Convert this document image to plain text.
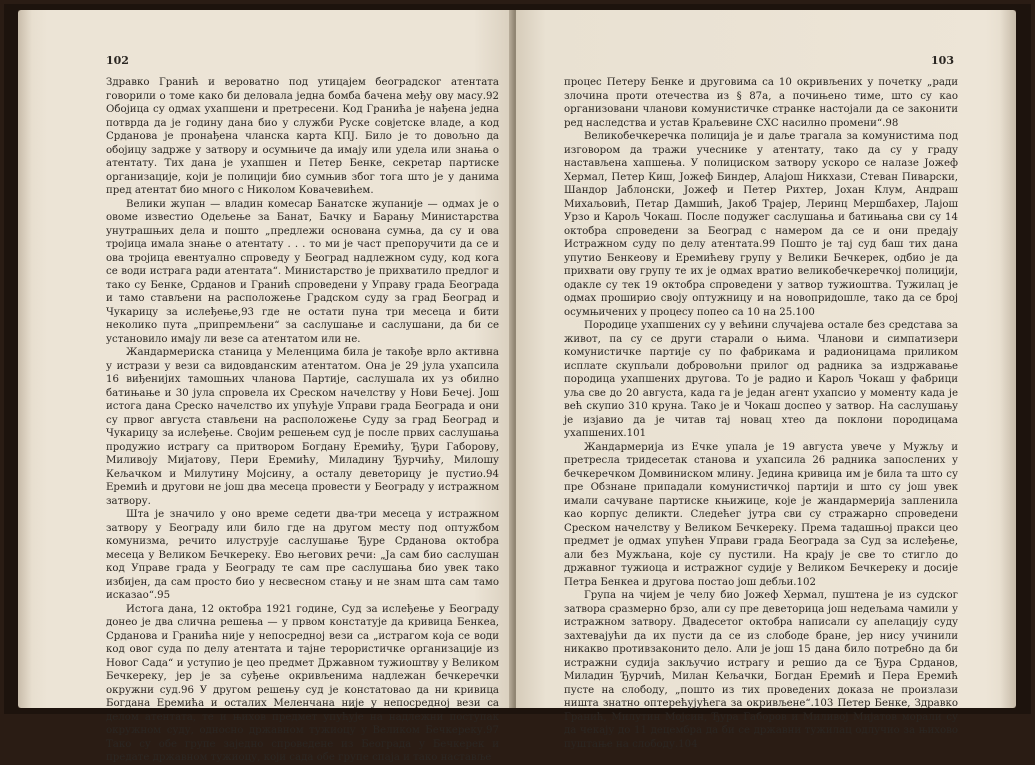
102

Здравко Гранић и вероватно под утицајем београдског атентата говорили о томе како би деловала једна бомба бачена међу ову масу.92 Обојица су одмах ухапшени и претресени. Код Гранића је нађена једна потврда да је годину дана био у служби Руске совјетске владе, а код Срданова је пронађена чланска карта КПЈ. Било је то довољно да обојицу задрже у затвору и осумњиче да имају или удела или знања о атентату. Тих дана је ухапшен и Петер Бенке, секретар партиске организације, који је полицији био сумњив због тога што је у данима пред атентат био много с Николом Ковачевићем.

Велики жупан — владин комесар Банатске жупаније — одмах је о овоме известио Одељење за Банат, Бачку и Барању Министарства унутрашњих дела и пошто „предлежи основана сумња, да су и ова тројица имала знање о атентату . . . то ми је част препоручити да се и ова тројица евентуално спроведу у Београд надлежном суду, код кога се води истрага ради атентата“. Министарство је прихватило предлог и тако су Бенке, Срданов и Гранић спроведени у Управу града Београда и тамо стављени на расположење Градском суду за град Београд и Чукарицу за ислеђење,93 где не остати пуна три месеца и бити неколико пута „припремљени“ за саслушање и саслушани, да би се установило имају ли везе са атентатом или не.

Жандармериска станица у Меленцима била је такође врло активна у истрази у вези са видовданским атентатом. Она је 29 јула ухапсила 16 виђенијих тамошњих чланова Партије, саслушала их уз обилно батињање и 30 јула спровела их Среском начелству у Нови Бечеј. Још истога дана Среско начелство их упућује Управи града Београда и они су првог августа стављени на расположење Суду за град Београд и Чукарицу за ислеђење. Својим решењем суд је после првих саслушања продужио истрагу са притвором Богдану Еремићу, Ђури Габорову, Миливоју Мијатову, Пери Еремићу, Миладину Ђурчићу, Милошу Кељачком и Милутину Мојсину, а осталу деветорицу је пустио.94 Еремић и другови не још два месеца провести у Београду у истражном затвору.

Шта је значило у оно време седети два-три месеца у истражном затвору у Београду или било где на другом месту под оптужбом комунизма, речито илуструје саслушање Ђуре Срданова октобра месеца у Великом Бечкереку. Ево његових речи: „Ја сам био саслушан код Управе града у Београду те сам пре саслушања био увек тако избијен, да сам просто био у несвесном стању и не знам шта сам тамо исказао“.95

Истога дана, 12 октобра 1921 године, Суд за ислеђење у Београду донео је два слична решења — у првом констатује да кривица Бенкеа, Срданова и Гранића није у непосредној вези са „истрагом која се води код овог суда по делу атентата и тајне терористичке организације из Новог Сада“ и уступио је цео предмет Државном тужиоштву у Великом Бечкереку, јер је за суђење окривљенима надлежан бечкеречки окружни суд.96 У другом решењу суд је констатовао да ни кривица Богдана Еремића и осталих Меленчана није у непосредној вези са делом атентата, те и њихов предмет упућује на надлежни поступак окружном суду, односно државном тужиоцу у Великом Бечкереку.97 Тако су обе групе заједно спроведене из Београда у Бечкерек и предате државном тужиоцу, који сада обе групе спаја и тако наставље

103

процес Петеру Бенке и друговима са 10 окривљених у почетку „ради злочина проти отечества из § 87а, а почињено тиме, што су као организовани чланови комунистичке странке настојали да се законити ред наследства и устав Краљевине СХС насилно промени“.98

Великобечкеречка полиција је и даље трагала за комунистима под изговором да тражи учеснике у атентату, тако да су у граду настављена хапшења. У полициском затвору ускоро се налазе Јожеф Хермал, Петер Киш, Јожеф Биндер, Алајош Никхази, Стеван Пиварски, Шандор Јаблонски, Јожеф и Петер Рихтер, Јохан Клум, Андраш Михаљовић, Петар Дамшић, Јакоб Трајер, Леринц Мершбахер, Лајош Урзо и Карољ Чокаш. После подужег саслушања и батињања сви су 14 октобра спроведени за Београд с намером да се и они предају Истражном суду по делу атентата.99 Пошто је тај суд баш тих дана упутио Бенкеову и Еремићеву групу у Велики Бечкерек, одбио је да прихвати ову групу те их је одмах вратио великобечкеречкој полицији, одакле су тек 19 октобра спроведени у затвор тужиоштва. Тужилац је одмах проширио своју оптужницу и на новопридошле, тако да се број осумњичених у процесу попео са 10 на 25.100

Породице ухапшених су у већини случајева остале без средстава за живот, па су се други старали о њима. Чланови и симпатизери комунистичке партије су по фабрикама и радионицама приликом исплате скупљали добровољни прилог од радника за издржавање породица ухапшених другова. То је радио и Карољ Чокаш у фабрици уља све до 20 августа, када га је један агент ухапсио у моменту када је већ скупио 310 круна. Тако је и Чокаш доспео у затвор. На саслушању је изјавио да је читав тај новац хтео да поклони породицама ухапшених.101

Жандармерија из Ечке упала је 19 августа увече у Мужљу и претресла тридесетак станова и ухапсила 26 радника запослених у бечкеречком Домвиниском млину. Једина кривица им је била та што су пре Обзнане припадали комунистичкој партији и што су још увек имали сачуване партиске књижице, које је жандармерија запленила као корпус деликти. Следећег јутра сви су стражарно спроведени Среском начелству у Великом Бечкереку. Према тадашњој пракси цео предмет је одмах упућен Управи града Београда за Суд за ислеђење, али без Мужљана, које су пустили. На крају је све то стигло до државног тужиоца и истражног судије у Великом Бечкереку и досије Петра Бенкеа и другова постао још дебљи.102

Група на чијем је челу био Јожеф Хермал, пуштена је из судског затвора сразмерно брзо, али су пре деветорица још недељама чамили у истражном затвору. Двадесетог октобра написали су апелацију суду захтевајући да их пусти да се из слободе бране, јер нису учинили никакво противзаконито дело. Али је још 15 дана било потребно да би истражни судија закључио истрагу и решио да се Ђура Срданов, Миладин Ђурчић, Милан Кељачки, Богдан Еремић и Пера Еремић пусте на слободу, „пошто из тих проведених доказа не произлази ништа знатно оптерећујућега за окривљене“.103 Петер Бенке, Здравко Гранић, Милутин Мојсин, Ђура Габоров и Миливој Мијатов морали су да чекају до 11 децембра да би се државни тужилац одлучио за њихово пуштање на слободу.104
